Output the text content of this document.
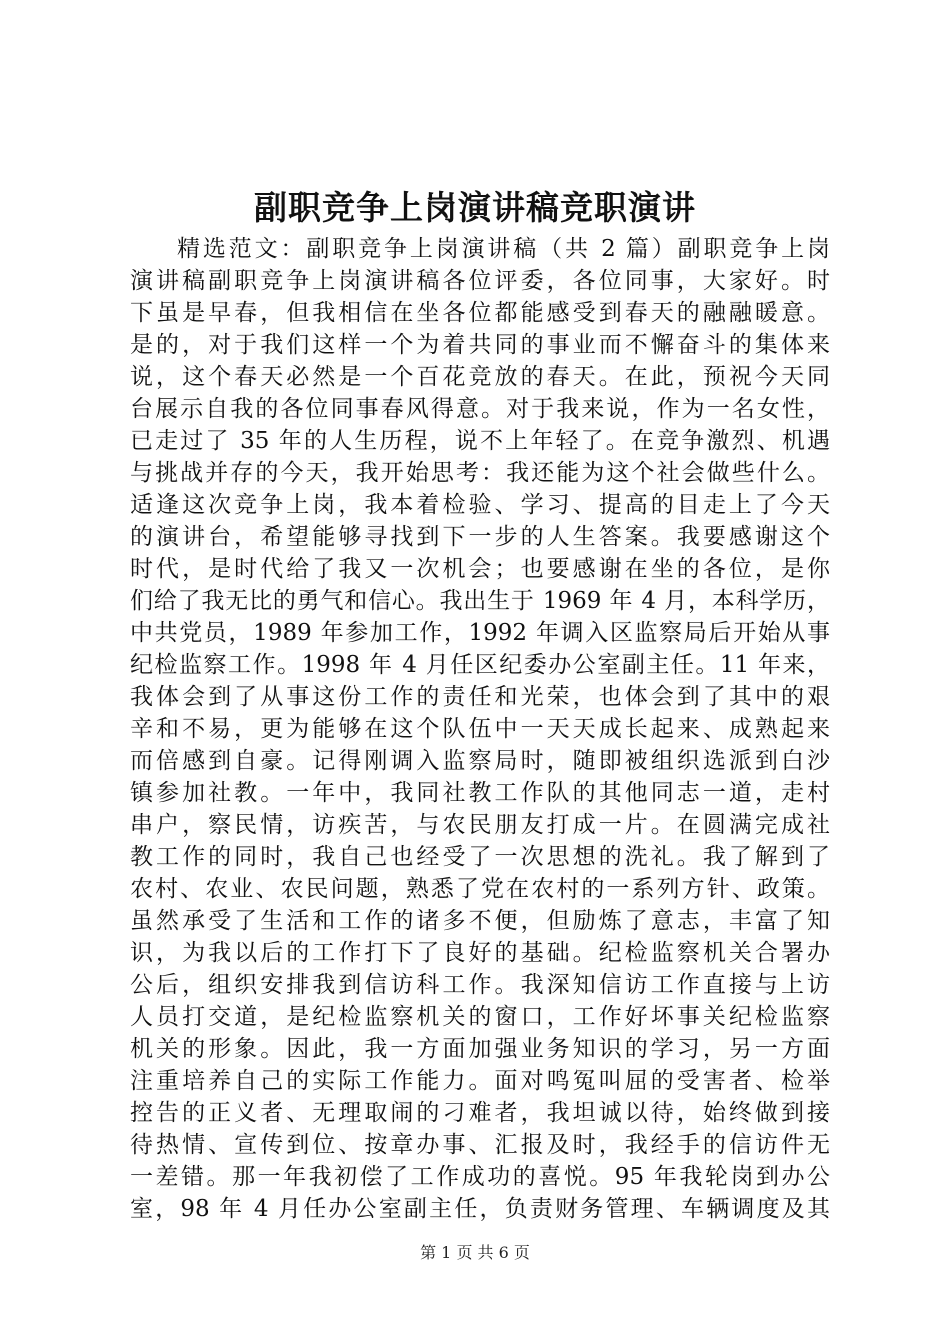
副职竞争上岗演讲稿竞职演讲
精选范文：副职竞争上岗演讲稿（共 2 篇）副职竞争上岗
演讲稿副职竞争上岗演讲稿各位评委，各位同事，大家好。时
下虽是早春，但我相信在坐各位都能感受到春天的融融暖意。
是的，对于我们这样一个为着共同的事业而不懈奋斗的集体来
说，这个春天必然是一个百花竞放的春天。在此，预祝今天同
台展示自我的各位同事春风得意。对于我来说，作为一名女性，
已走过了 35 年的人生历程，说不上年轻了。在竞争激烈、机遇
与挑战并存的今天，我开始思考：我还能为这个社会做些什么。
适逢这次竞争上岗，我本着检验、学习、提高的目走上了今天
的演讲台，希望能够寻找到下一步的人生答案。我要感谢这个
时代，是时代给了我又一次机会；也要感谢在坐的各位，是你
们给了我无比的勇气和信心。我出生于 1969 年 4 月，本科学历，
中共党员，1989 年参加工作，1992 年调入区监察局后开始从事
纪检监察工作。1998 年 4 月任区纪委办公室副主任。11 年来，
我体会到了从事这份工作的责任和光荣，也体会到了其中的艰
辛和不易，更为能够在这个队伍中一天天成长起来、成熟起来
而倍感到自豪。记得刚调入监察局时，随即被组织选派到白沙
镇参加社教。一年中，我同社教工作队的其他同志一道，走村
串户，察民情，访疾苦，与农民朋友打成一片。在圆满完成社
教工作的同时，我自己也经受了一次思想的洗礼。我了解到了
农村、农业、农民问题，熟悉了党在农村的一系列方针、政策。
虽然承受了生活和工作的诸多不便，但励炼了意志，丰富了知
识，为我以后的工作打下了良好的基础。纪检监察机关合署办
公后，组织安排我到信访科工作。我深知信访工作直接与上访
人员打交道，是纪检监察机关的窗口，工作好坏事关纪检监察
机关的形象。因此，我一方面加强业务知识的学习，另一方面
注重培养自己的实际工作能力。面对鸣冤叫屈的受害者、检举
控告的正义者、无理取闹的刁难者，我坦诚以待，始终做到接
待热情、宣传到位、按章办事、汇报及时，我经手的信访件无
一差错。那一年我初偿了工作成功的喜悦。95 年我轮岗到办公
室，98 年 4 月任办公室副主任，负责财务管理、车辆调度及其
第 1 页 共 6 页
